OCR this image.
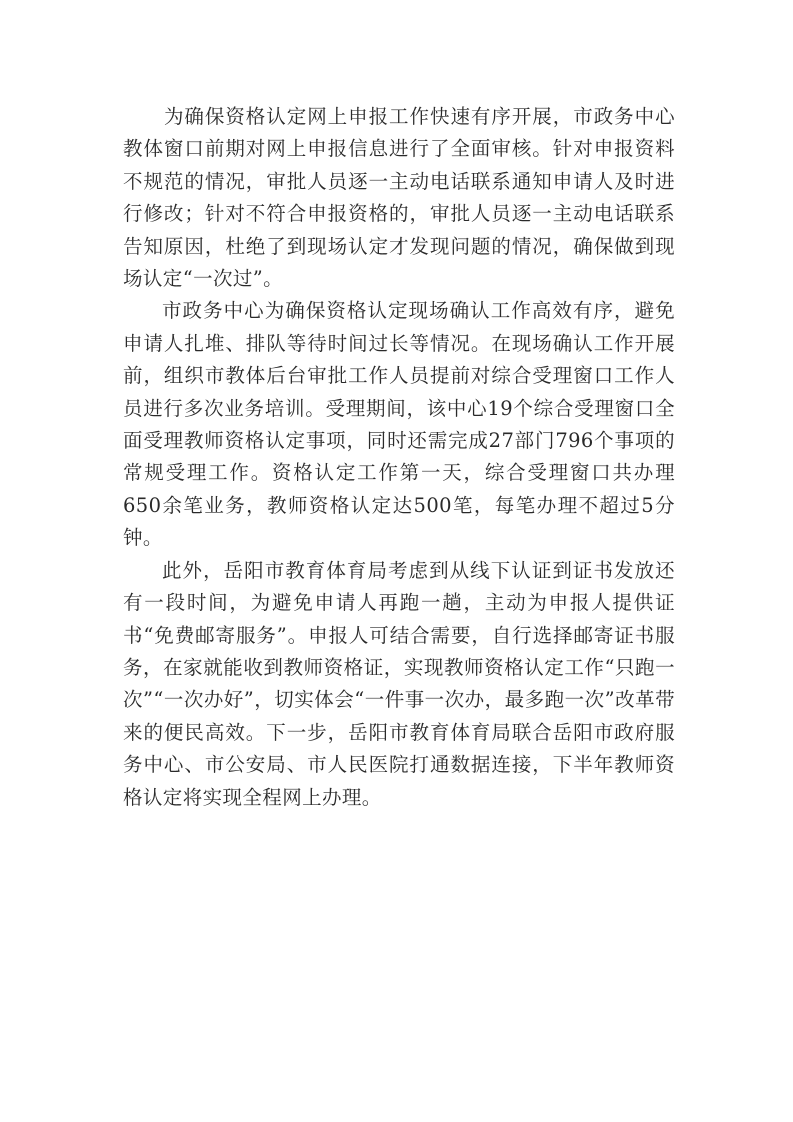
为确保资格认定网上申报工作快速有序开展，市政务中心教体窗口前期对网上申报信息进行了全面审核。针对申报资料不规范的情况，审批人员逐一主动电话联系通知申请人及时进行修改；针对不符合申报资格的，审批人员逐一主动电话联系告知原因，杜绝了到现场认定才发现问题的情况，确保做到现场认定“一次过”。

市政务中心为确保资格认定现场确认工作高效有序，避免申请人扎堆、排队等待时间过长等情况。在现场确认工作开展前，组织市教体后台审批工作人员提前对综合受理窗口工作人员进行多次业务培训。受理期间，该中心19个综合受理窗口全面受理教师资格认定事项，同时还需完成27部门796个事项的常规受理工作。资格认定工作第一天，综合受理窗口共办理650余笔业务，教师资格认定达500笔，每笔办理不超过5分钟。

此外，岳阳市教育体育局考虑到从线下认证到证书发放还有一段时间，为避免申请人再跑一趟，主动为申报人提供证书“免费邮寄服务”。申报人可结合需要，自行选择邮寄证书服务，在家就能收到教师资格证，实现教师资格认定工作“只跑一次”“一次办好”，切实体会“一件事一次办，最多跑一次”改革带来的便民高效。下一步，岳阳市教育体育局联合岳阳市政府服务中心、市公安局、市人民医院打通数据连接，下半年教师资格认定将实现全程网上办理。
